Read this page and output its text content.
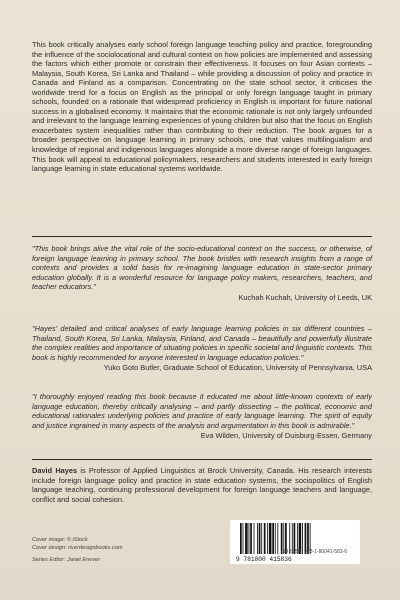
This book critically analyses early school foreign language teaching policy and practice, foregrounding the influence of the sociolocational and cultural context on how policies are implemented and assessing the factors which either promote or constrain their effectiveness. It focuses on four Asian contexts – Malaysia, South Korea, Sri Lanka and Thailand – while providing a discussion of policy and practice in Canada and Finland as a comparison. Concentrating on the state school sector, it criticises the worldwide trend for a focus on English as the principal or only foreign language taught in primary schools, founded on a rationale that widespread proficiency in English is important for future national success in a globalised economy. It maintains that the economic rationale is not only largely unfounded and irrelevant to the language learning experiences of young children but also that the focus on English exacerbates system inequalities rather than contributing to their reduction. The book argues for a broader perspective on language learning in primary schools, one that values multilingualism and knowledge of regional and indigenous languages alongside a more diverse range of foreign languages. This book will appeal to educational policymakers, researchers and students interested in early foreign language learning in state educational systems worldwide.

"This book brings alive the vital role of the socio-educational context on the success, or otherwise, of foreign language learning in primary school. The book bristles with research insights from a range of contexts and provides a solid basis for re-imagining language education in state-sector primary education globally. It is a wonderful resource for language policy makers, researchers, teachers, and teacher educators."
Kuchah Kuchah, University of Leeds, UK
"Hayes' detailed and critical analyses of early language learning policies in six different countries – Thailand, South Korea, Sri Lanka, Malaysia, Finland, and Canada – beautifully and powerfully illustrate the complex realities and importance of situating policies in specific societal and linguistic contexts. This book is highly recommended for anyone interested in language education policies."
Yuko Goto Butler, Graduate School of Education, University of Pennsylvania, USA
"I thoroughly enjoyed reading this book because it educated me about little-known contexts of early language education, thereby critically analysing – and partly dissecting – the political, economic and educational rationales underlying policies and practice of early language learning. The spirit of equity and justice ingrained in many aspects of the analysis and argumentation in this book is admirable."
Eva Wilden, University of Duisburg-Essen, Germany

David Hayes is Professor of Applied Linguistics at Brock University, Canada. His research interests include foreign language policy and practice in state education systems, the sociopolitics of English language teaching, continuing professional development for foreign language teachers and language, conflict and social cohesion.

Cover image: © iStock
Cover design: riverdesignbooks.com
Series Editor: Janet Enever	9 781800 415836
794 ISBN: 978-1-80041-583-6
